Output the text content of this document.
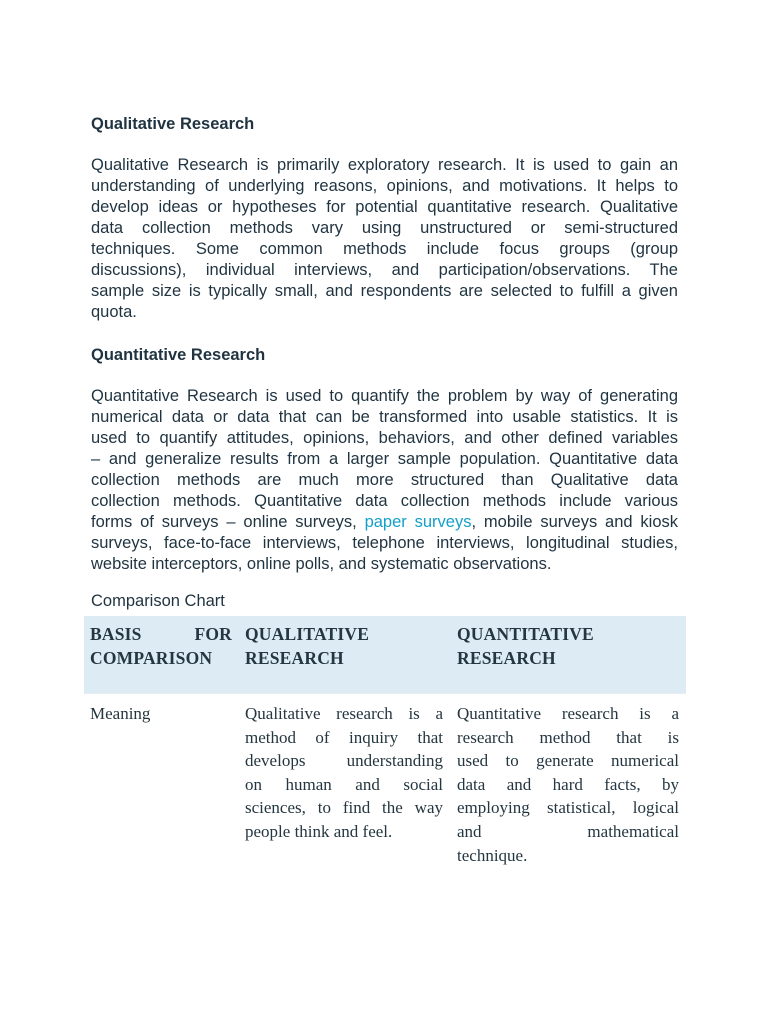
Qualitative Research
Qualitative Research is primarily exploratory research. It is used to gain an
understanding of underlying reasons, opinions, and motivations. It helps to
develop ideas or hypotheses for potential quantitative research. Qualitative
data collection methods vary using unstructured or semi-structured
techniques. Some common methods include focus groups (group
discussions), individual interviews, and participation/observations. The
sample size is typically small, and respondents are selected to fulfill a given
quota.
Quantitative Research
Quantitative Research is used to quantify the problem by way of generating
numerical data or data that can be transformed into usable statistics. It is
used to quantify attitudes, opinions, behaviors, and other defined variables
– and generalize results from a larger sample population. Quantitative data
collection methods are much more structured than Qualitative data
collection methods. Quantitative data collection methods include various
forms of surveys – online surveys, paper surveys, mobile surveys and kiosk
surveys, face-to-face interviews, telephone interviews, longitudinal studies,
website interceptors, online polls, and systematic observations.
Comparison Chart
BASIS FOR
COMPARISON
QUALITATIVE
RESEARCH
QUANTITATIVE
RESEARCH
Meaning	Qualitative research is a
method of inquiry that
develops understanding
on human and social
sciences, to find the way
people think and feel.
Quantitative research is a
research method that is
used to generate numerical
data and hard facts, by
employing statistical, logical
and mathematical
technique.
